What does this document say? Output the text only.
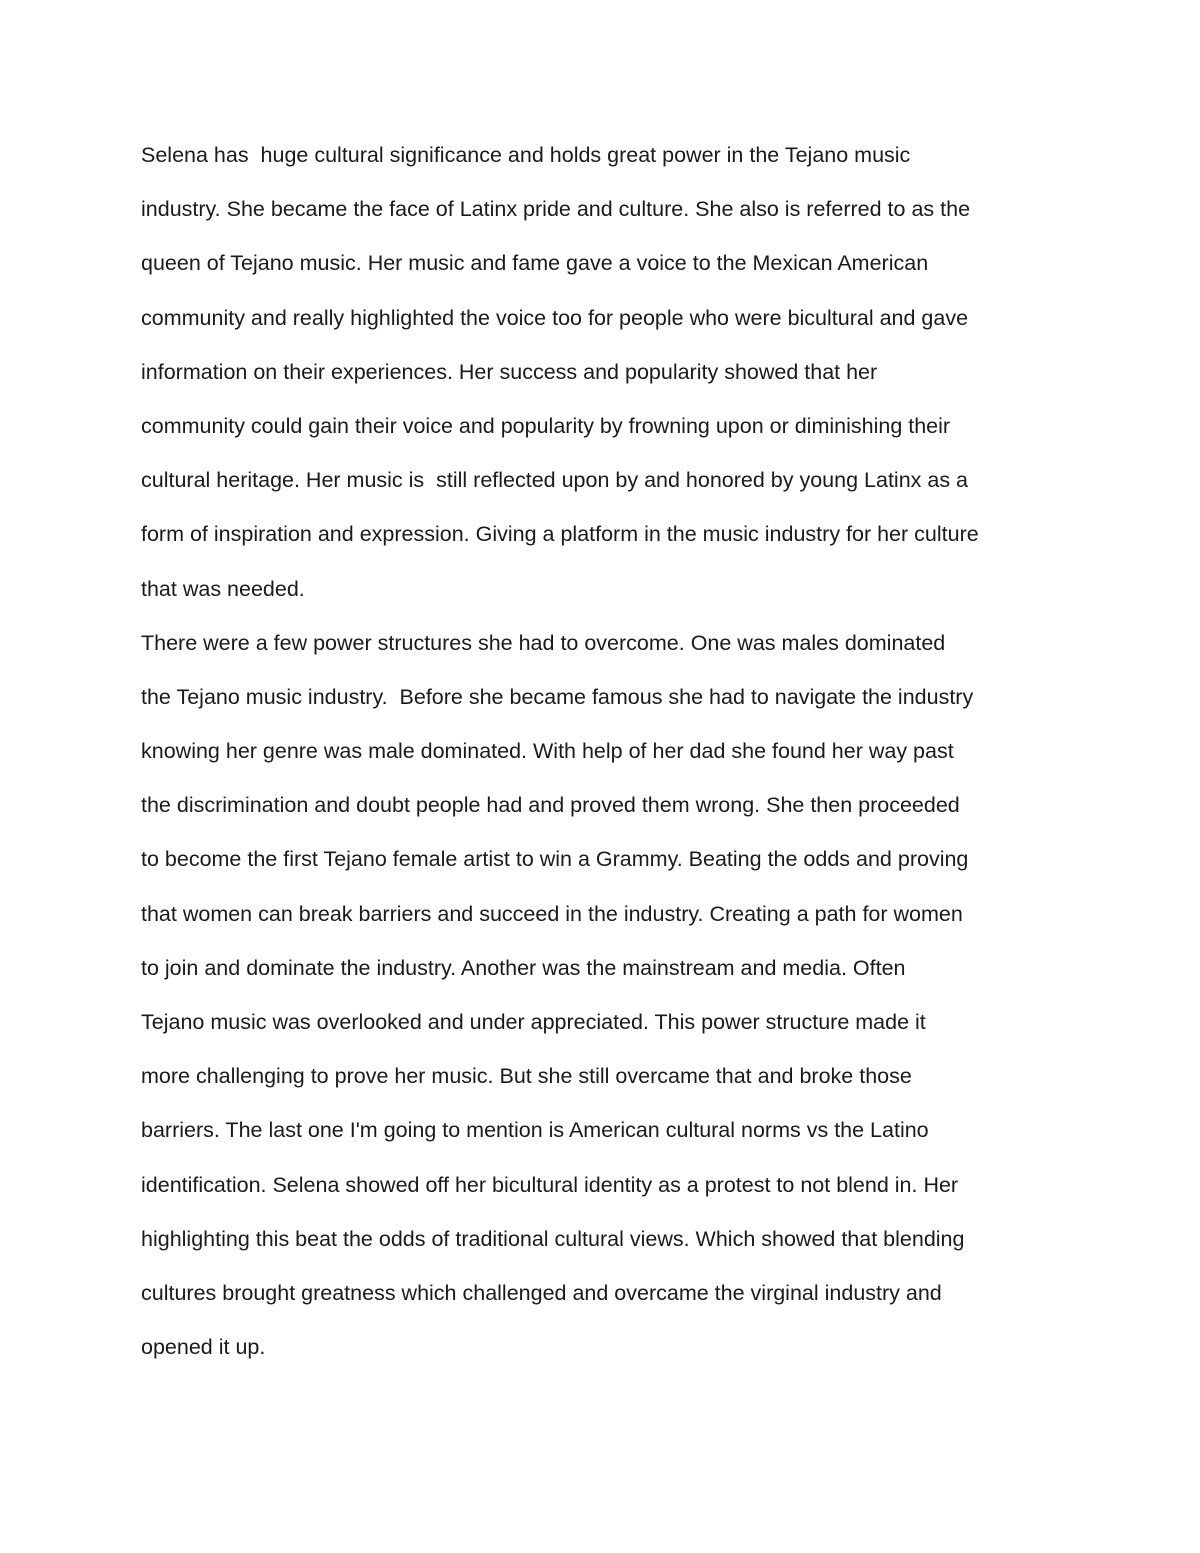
Selena has  huge cultural significance and holds great power in the Tejano music
industry. She became the face of Latinx pride and culture. She also is referred to as the
queen of Tejano music. Her music and fame gave a voice to the Mexican American
community and really highlighted the voice too for people who were bicultural and gave
information on their experiences. Her success and popularity showed that her
community could gain their voice and popularity by frowning upon or diminishing their
cultural heritage. Her music is  still reflected upon by and honored by young Latinx as a
form of inspiration and expression. Giving a platform in the music industry for her culture
that was needed.
There were a few power structures she had to overcome. One was males dominated
the Tejano music industry.  Before she became famous she had to navigate the industry
knowing her genre was male dominated. With help of her dad she found her way past
the discrimination and doubt people had and proved them wrong. She then proceeded
to become the first Tejano female artist to win a Grammy. Beating the odds and proving
that women can break barriers and succeed in the industry. Creating a path for women
to join and dominate the industry. Another was the mainstream and media. Often
Tejano music was overlooked and under appreciated. This power structure made it
more challenging to prove her music. But she still overcame that and broke those
barriers. The last one I'm going to mention is American cultural norms vs the Latino
identification. Selena showed off her bicultural identity as a protest to not blend in. Her
highlighting this beat the odds of traditional cultural views. Which showed that blending
cultures brought greatness which challenged and overcame the virginal industry and
opened it up.
